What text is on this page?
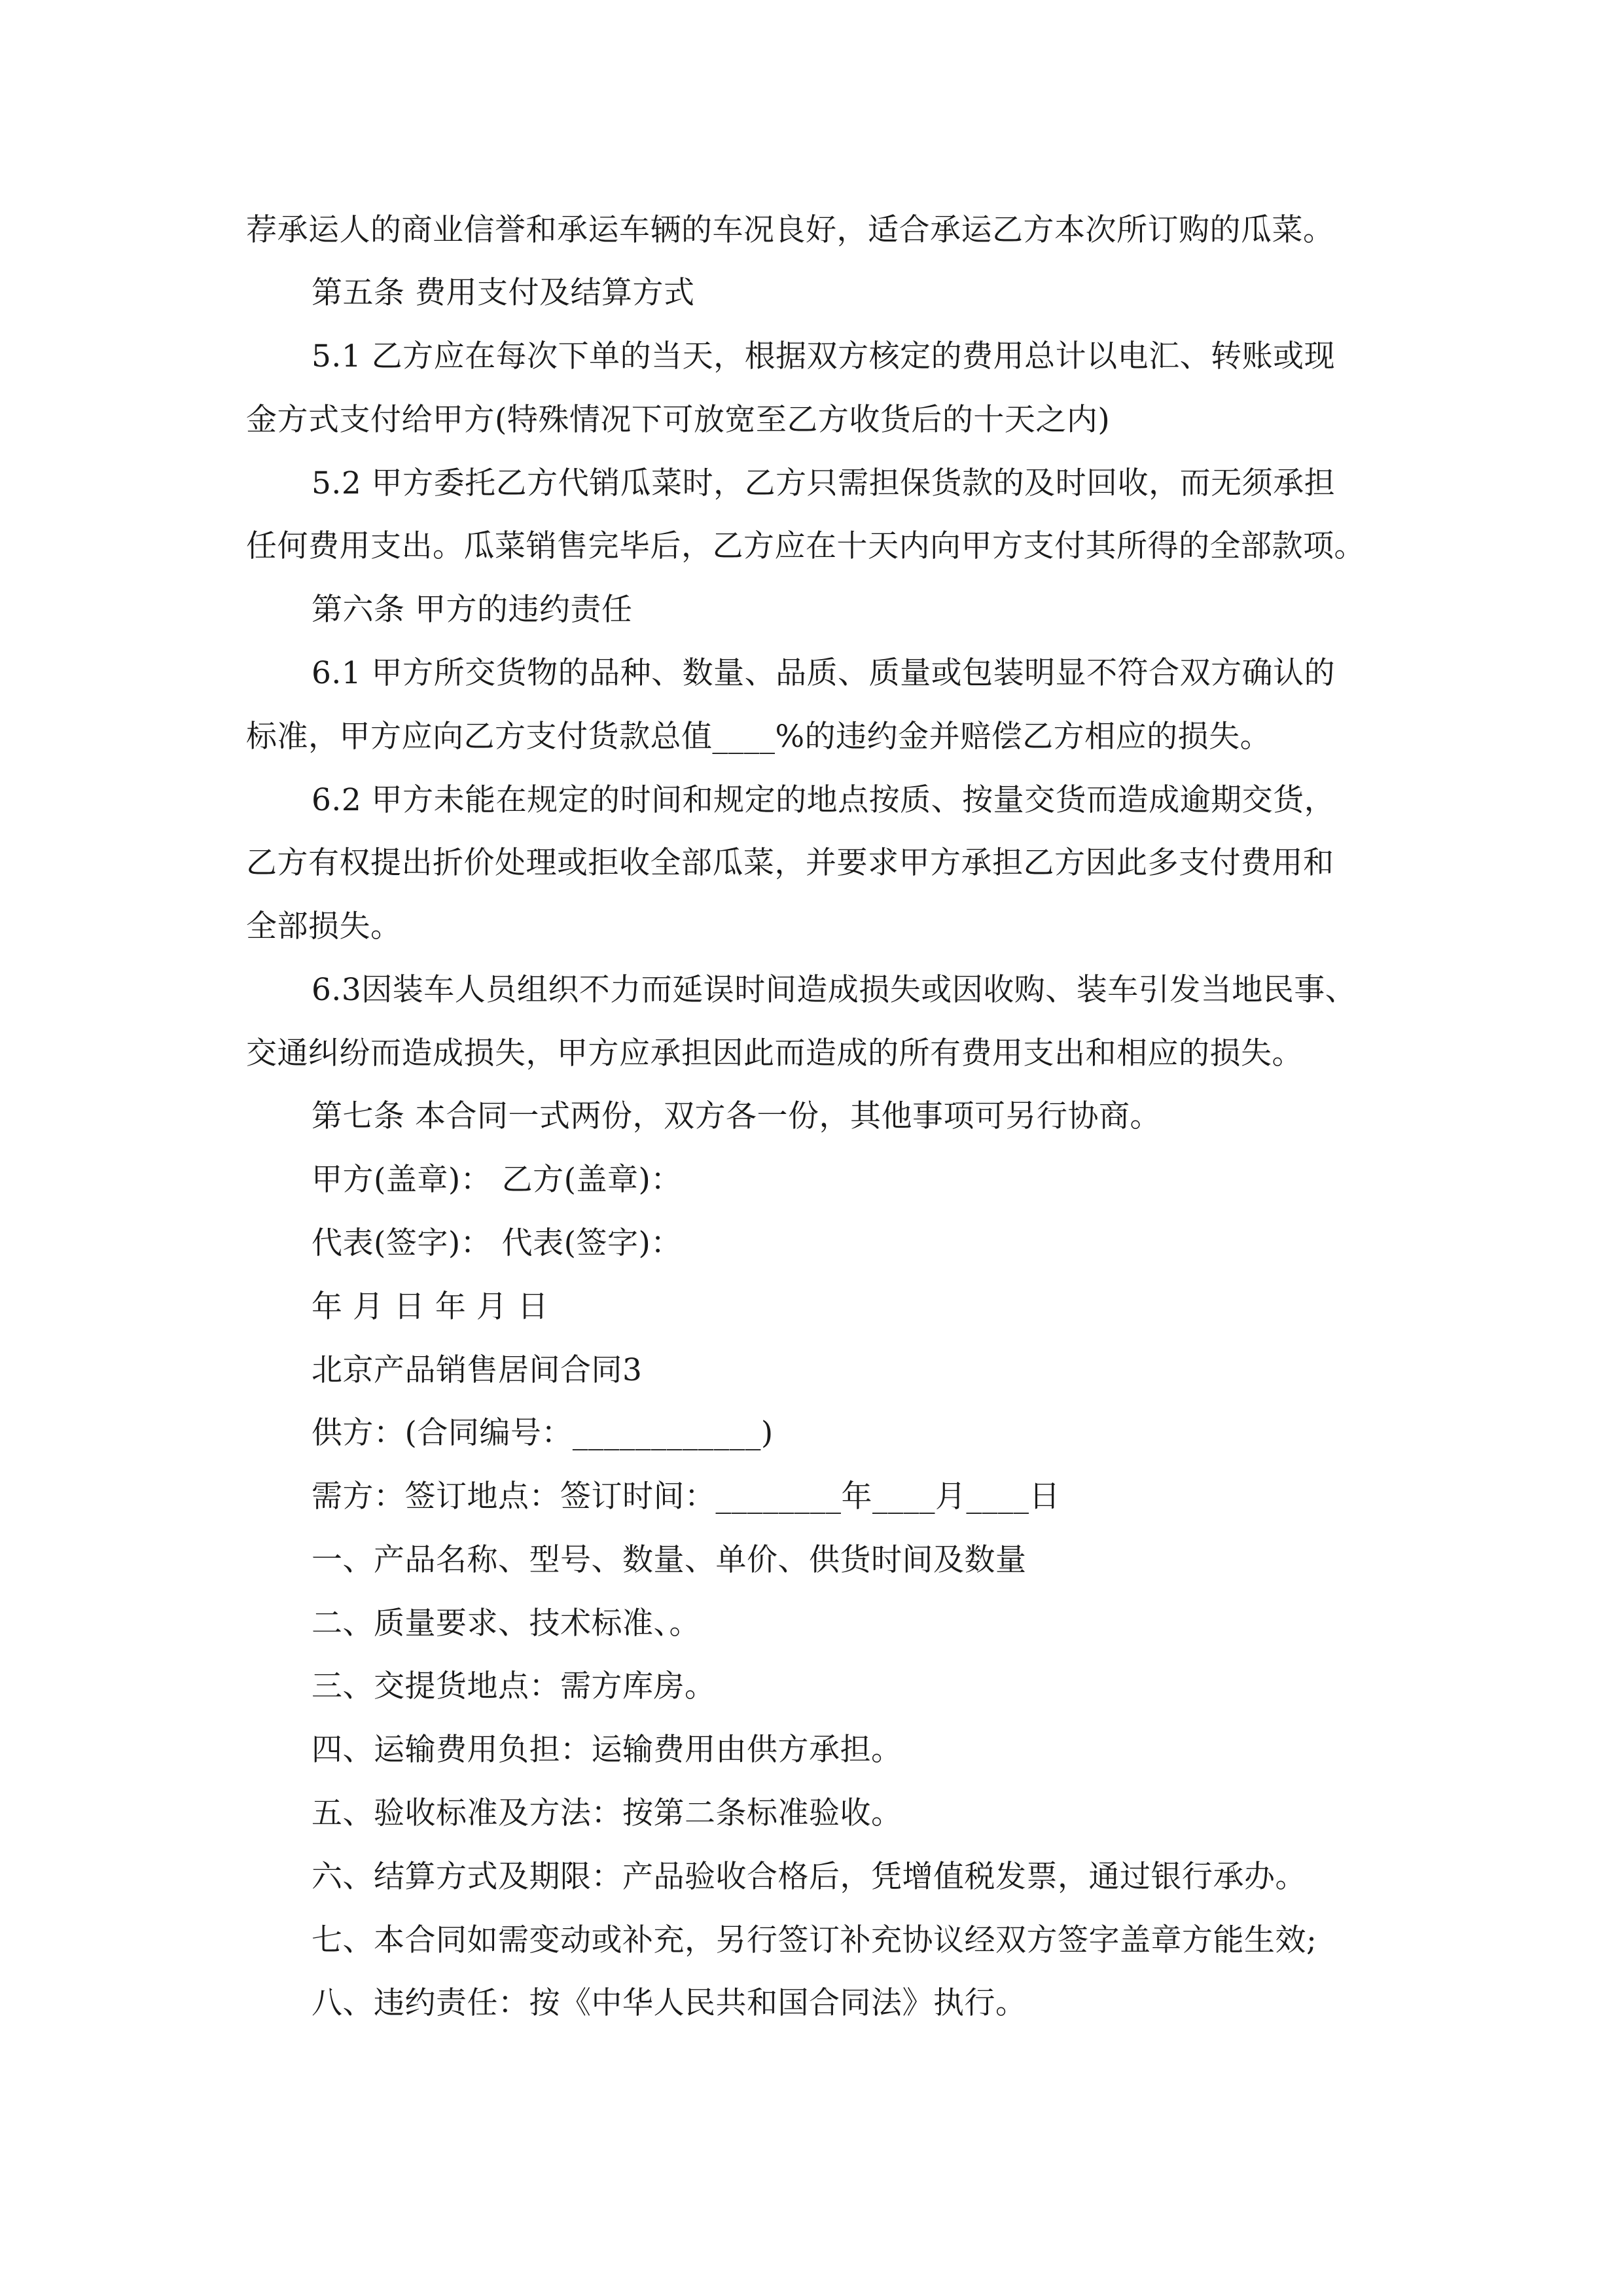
荐承运人的商业信誉和承运车辆的车况良好，适合承运乙方本次所订购的瓜菜。
第五条 费用支付及结算方式
5.1 乙方应在每次下单的当天，根据双方核定的费用总计以电汇、转账或现
金方式支付给甲方(特殊情况下可放宽至乙方收货后的十天之内)
5.2 甲方委托乙方代销瓜菜时，乙方只需担保货款的及时回收，而无须承担
任何费用支出。瓜菜销售完毕后，乙方应在十天内向甲方支付其所得的全部款项。
第六条 甲方的违约责任
6.1 甲方所交货物的品种、数量、品质、质量或包装明显不符合双方确认的
标准，甲方应向乙方支付货款总值____%的违约金并赔偿乙方相应的损失。
6.2 甲方未能在规定的时间和规定的地点按质、按量交货而造成逾期交货，
乙方有权提出折价处理或拒收全部瓜菜，并要求甲方承担乙方因此多支付费用和
全部损失。
6.3因装车人员组织不力而延误时间造成损失或因收购、装车引发当地民事、
交通纠纷而造成损失，甲方应承担因此而造成的所有费用支出和相应的损失。
第七条 本合同一式两份，双方各一份，其他事项可另行协商。
甲方(盖章)： 乙方(盖章)：
代表(签字)： 代表(签字)：
年 月 日 年 月 日
北京产品销售居间合同3
供方：(合同编号：____________)
需方：签订地点：签订时间：________年____月____日
一、产品名称、型号、数量、单价、供货时间及数量
二、质量要求、技术标准、。
三、交提货地点：需方库房。
四、运输费用负担：运输费用由供方承担。
五、验收标准及方法：按第二条标准验收。
六、结算方式及期限：产品验收合格后，凭增值税发票，通过银行承办。
七、本合同如需变动或补充，另行签订补充协议经双方签字盖章方能生效;
八、违约责任：按《中华人民共和国合同法》执行。
